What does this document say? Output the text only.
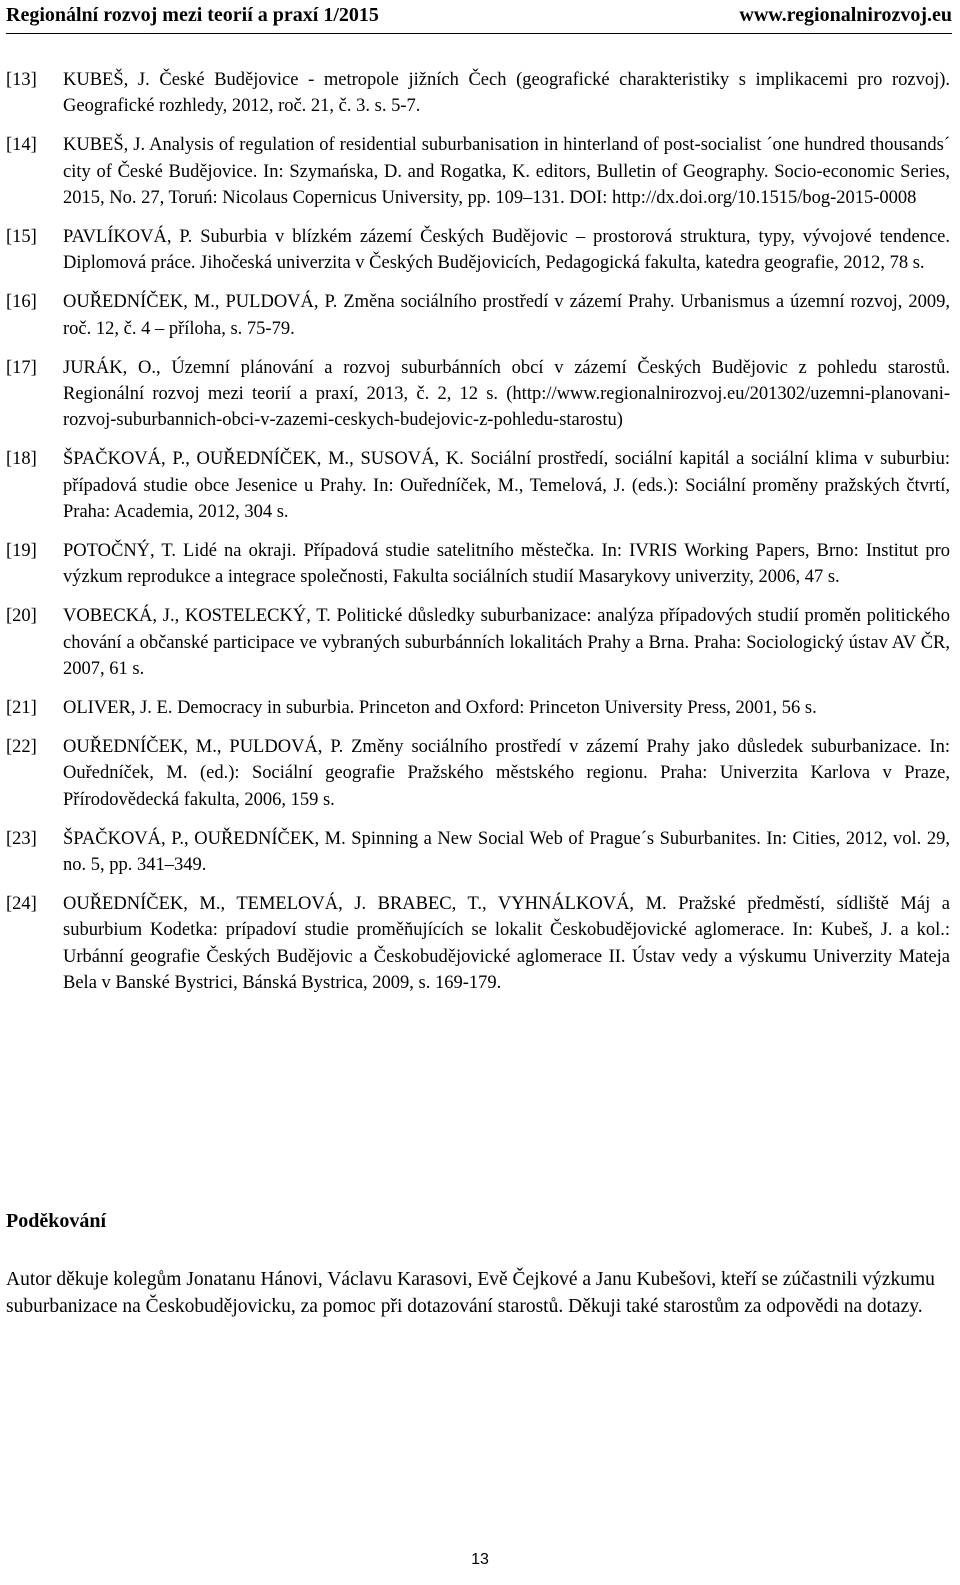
Regionální rozvoj mezi teorií a praxí 1/2015	www.regionalnirozvoj.eu
[13]	KUBEŠ, J. České Budějovice - metropole jižních Čech (geografické charakteristiky s implikacemi pro rozvoj). Geografické rozhledy, 2012, roč. 21, č. 3. s. 5-7.
[14]	KUBEŠ, J. Analysis of regulation of residential suburbanisation in hinterland of post-socialist ´one hundred thousands´ city of České Budějovice. In: Szymańska, D. and Rogatka, K. editors, Bulletin of Geography. Socio-economic Series, 2015, No. 27, Toruń: Nicolaus Copernicus University, pp. 109–131. DOI: http://dx.doi.org/10.1515/bog-2015-0008
[15]	PAVLÍKOVÁ, P. Suburbia v blízkém zázemí Českých Budějovic – prostorová struktura, typy, vývojové tendence. Diplomová práce. Jihočeská univerzita v Českých Budějovicích, Pedagogická fakulta, katedra geografie, 2012, 78 s.
[16]	OUŘEDNÍČEK, M., PULDOVÁ, P. Změna sociálního prostředí v zázemí Prahy. Urbanismus a územní rozvoj, 2009, roč. 12, č. 4 – příloha, s. 75-79.
[17]	JURÁK, O., Územní plánování a rozvoj suburbánních obcí v zázemí Českých Budějovic z pohledu starostů. Regionální rozvoj mezi teorií a praxí, 2013, č. 2, 12 s. (http://www.regionalnirozvoj.eu/201302/uzemni-planovani-rozvoj-suburbannich-obci-v-zazemi-ceskych-budejovic-z-pohledu-starostu)
[18]	ŠPAČKOVÁ, P., OUŘEDNÍČEK, M., SUSOVÁ, K. Sociální prostředí, sociální kapitál a sociální klima v suburbiu: případová studie obce Jesenice u Prahy. In: Ouředníček, M., Temelová, J. (eds.): Sociální proměny pražských čtvrtí, Praha: Academia, 2012, 304 s.
[19]	POTOČNÝ, T. Lidé na okraji. Případová studie satelitního městečka. In: IVRIS Working Papers, Brno: Institut pro výzkum reprodukce a integrace společnosti, Fakulta sociálních studií Masarykovy univerzity, 2006, 47 s.
[20]	VOBECKÁ, J., KOSTELECKÝ, T. Politické důsledky suburbanizace: analýza případových studií proměn politického chování a občanské participace ve vybraných suburbánních lokalitách Prahy a Brna. Praha: Sociologický ústav AV ČR, 2007, 61 s.
[21]	OLIVER, J. E. Democracy in suburbia. Princeton and Oxford: Princeton University Press, 2001, 56 s.
[22]	OUŘEDNÍČEK, M., PULDOVÁ, P. Změny sociálního prostředí v zázemí Prahy jako důsledek suburbanizace. In: Ouředníček, M. (ed.): Sociální geografie Pražského městského regionu. Praha: Univerzita Karlova v Praze, Přírodovědecká fakulta, 2006, 159 s.
[23]	ŠPAČKOVÁ, P., OUŘEDNÍČEK, M. Spinning a New Social Web of Prague´s Suburbanites. In: Cities, 2012, vol. 29, no. 5, pp. 341–349.
[24]	OUŘEDNÍČEK, M., TEMELOVÁ, J. BRABEC, T., VYHNÁLKOVÁ, M. Pražské předměstí, sídliště Máj a suburbium Kodetka: prípadoví studie proměňujících se lokalit Českobudějovické aglomerace. In: Kubeš, J. a kol.: Urbánní geografie Českých Budějovic a Českobudějovické aglomerace II. Ústav vedy a výskumu Univerzity Mateja Bela v Banské Bystrici, Bánská Bystrica, 2009, s. 169-179.
Poděkování
Autor děkuje kolegům Jonatanu Hánovi, Václavu Karasovi, Evě Čejkové a Janu Kubešovi, kteří se zúčastnili výzkumu suburbanizace na Českobudějovicku, za pomoc při dotazování starostů. Děkuji také starostům za odpovědi na dotazy.
13
